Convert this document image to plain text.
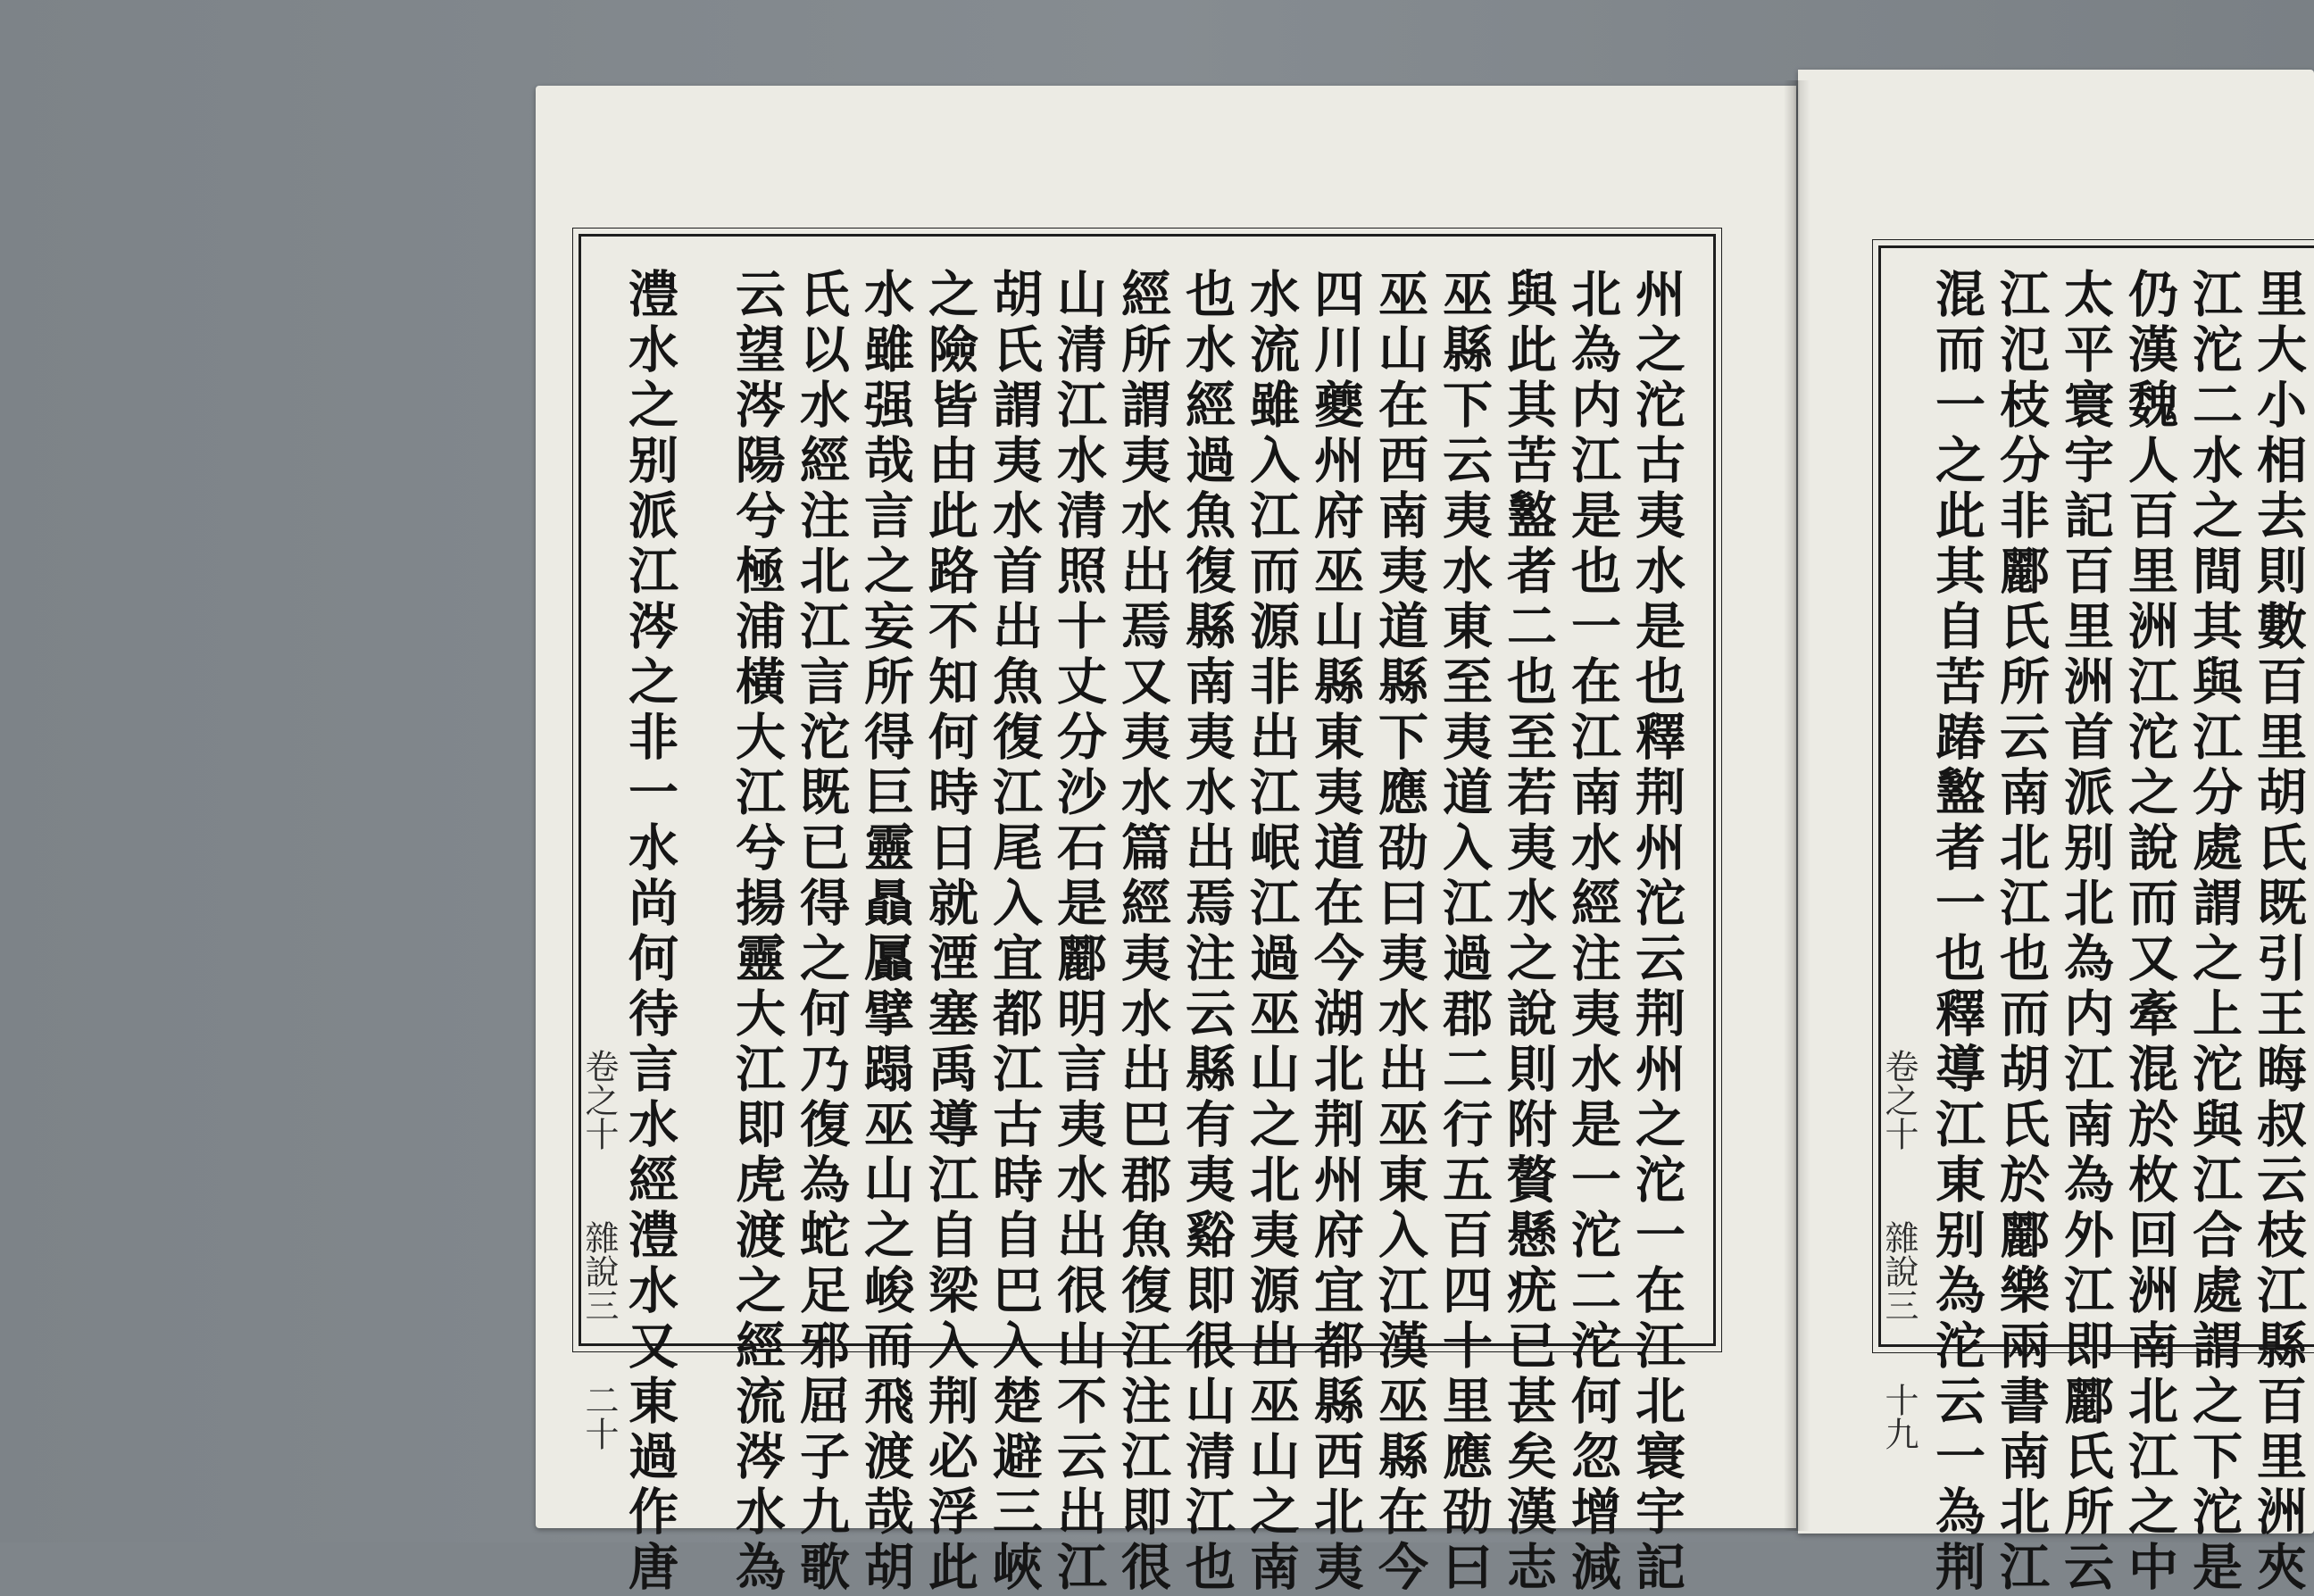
州之沱古夷水是也釋荆州沱云荆州之沱一在江北寰宇記
北為内江是也一在江南水經注夷水是一沱二沱何忽增減
與此其苦盭者二也至若夷水之說則附贅懸疣已甚矣漢志
巫縣下云夷水東至夷道入江過郡二行五百四十里應劭曰
巫山在西南夷道縣下應劭曰夷水出巫東入江漢巫縣在今
四川夔州府巫山縣東夷道在今湖北荆州府宜都縣西北夷
水流雖入江而源非出江岷江過巫山之北夷源出巫山之南
也水經過魚復縣南夷水出焉注云縣有夷谿即很山清江也
經所謂夷水出焉又夷水篇經夷水出巴郡魚復江注江即很
山清江水清照十丈分沙石是酈明言夷水出很山不云出江
胡氏謂夷水首出魚復江尾入宜都江古時自巴入楚避三峽
之險皆由此路不知何時日就湮塞禹導江自梁入荆必浮此
水雖强哉言之妄所得巨靈贔屭擘蹋巫山之峻而飛渡哉胡
氏以水經注北江言沱既已得之何乃復為蛇足邪屈子九歌
云望涔陽兮極浦橫大江兮揚靈大江即虎渡之經流涔水為
澧水之别派江涔之非一水尚何待言水經澧水又東過作唐
卷之十 雜說三 二十	里大小相去則數百里胡氏既引王晦叔云枝江縣百里洲夾
江沱二水之間其與江分處謂之上沱與江合處謂之下沱是
仍漢魏人百里洲江沱之說而又牽混於枚回洲南北江之中
太平寰宇記百里洲首派别北為内江南為外江即酈氏所云
江氾枝分非酈氏所云南北江也而胡氏於酈樂兩書南北江
混而一之此其自苦踳盭者一也釋導江東别為沱云一為荆
卷之十 雜說三 十九
